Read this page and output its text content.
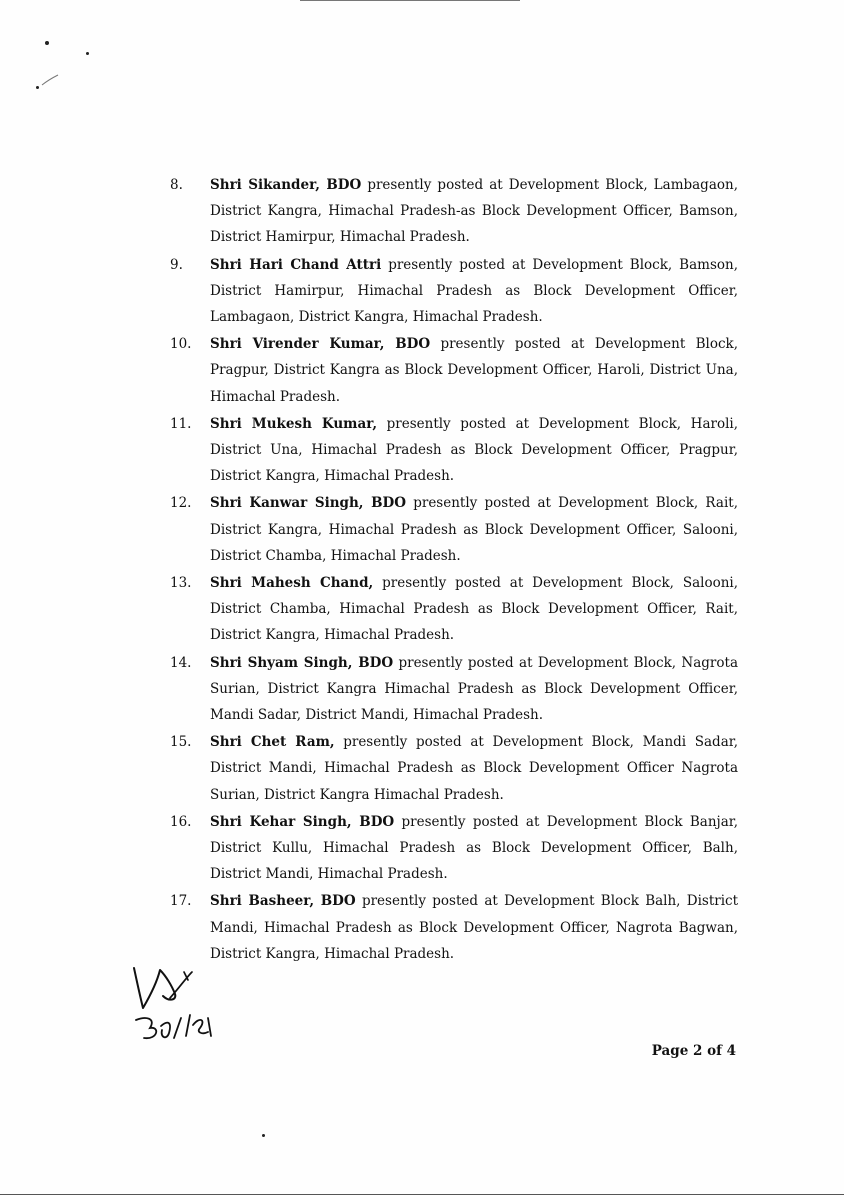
8.	Shri Sikander, BDO presently posted at Development Block, Lambagaon, District Kangra, Himachal Pradesh-as Block Development Officer, Bamson, District Hamirpur, Himachal Pradesh.
9.	Shri Hari Chand Attri presently posted at Development Block, Bamson, District Hamirpur, Himachal Pradesh as Block Development Officer, Lambagaon, District Kangra, Himachal Pradesh.
10.	Shri Virender Kumar, BDO presently posted at Development Block, Pragpur, District Kangra as Block Development Officer, Haroli, District Una, Himachal Pradesh.
11.	Shri Mukesh Kumar, presently posted at Development Block, Haroli, District Una, Himachal Pradesh as Block Development Officer, Pragpur, District Kangra, Himachal Pradesh.
12.	Shri Kanwar Singh, BDO presently posted at Development Block, Rait, District Kangra, Himachal Pradesh as Block Development Officer, Salooni, District Chamba, Himachal Pradesh.
13.	Shri Mahesh Chand, presently posted at Development Block, Salooni, District Chamba, Himachal Pradesh as Block Development Officer, Rait, District Kangra, Himachal Pradesh.
14.	Shri Shyam Singh, BDO presently posted at Development Block, Nagrota Surian, District Kangra Himachal Pradesh as Block Development Officer, Mandi Sadar, District Mandi, Himachal Pradesh.
15.	Shri Chet Ram, presently posted at Development Block, Mandi Sadar, District Mandi, Himachal Pradesh as Block Development Officer Nagrota Surian, District Kangra Himachal Pradesh.
16.	Shri Kehar Singh, BDO presently posted at Development Block Banjar, District Kullu, Himachal Pradesh as Block Development Officer, Balh, District Mandi, Himachal Pradesh.
17.	Shri Basheer, BDO presently posted at Development Block Balh, District Mandi, Himachal Pradesh as Block Development Officer, Nagrota Bagwan, District Kangra, Himachal Pradesh.
Page 2 of 4
